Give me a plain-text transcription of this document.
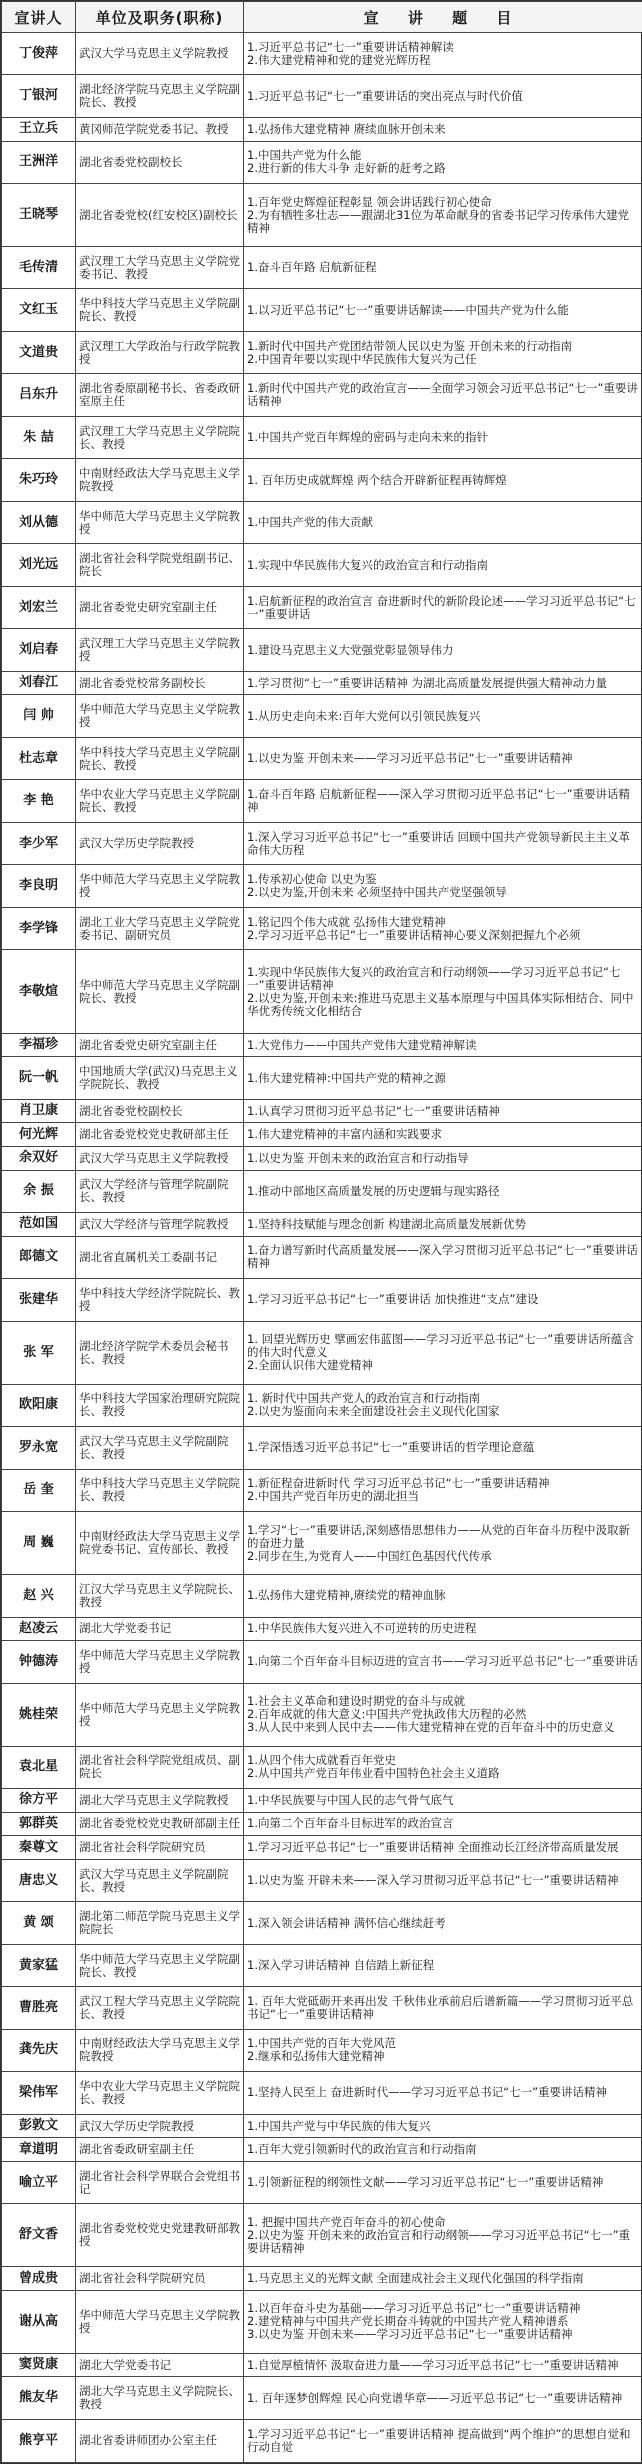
宣讲人	单位及职务(职称)	宣 讲 题 目
丁俊萍	武汉大学马克思主义学院教授	1.习近平总书记“七一”重要讲话精神解读
2.伟大建党精神和党的建党光辉历程

丁银河	湖北经济学院马克思主义学院副院长、教授	1.习近平总书记“七一”重要讲话的突出亮点与时代价值

王立兵	黄冈师范学院党委书记、教授	1.弘扬伟大建党精神 赓续血脉开创未来

王洲洋	湖北省委党校副校长	1.中国共产党为什么能
2.进行新的伟大斗争 走好新的赶考之路

王晓琴	湖北省委党校(红安校区)副校长	1.百年党史辉煌征程彰显 领会讲话践行初心使命
2.为有牺牲多壮志——跟湖北31位为革命献身的省委书记学习传承伟大建党精神

毛传清	武汉理工大学马克思主义学院党委书记、教授	1.奋斗百年路 启航新征程

文红玉	华中科技大学马克思主义学院副院长、教授	1.以习近平总书记“七一”重要讲话解读——中国共产党为什么能

文道贵	武汉理工大学政治与行政学院教授	1.新时代中国共产党团结带领人民以史为鉴 开创未来的行动指南
2.中国青年要以实现中华民族伟大复兴为己任

吕东升	湖北省委原副秘书长、省委政研室原主任	1.新时代中国共产党的政治宣言——全面学习领会习近平总书记“七一”重要讲话精神

朱 喆	武汉理工大学马克思主义学院院长、教授	1.中国共产党百年辉煌的密码与走向未来的指针

朱巧玲	中南财经政法大学马克思主义学院教授	1. 百年历史成就辉煌 两个结合开辟新征程再铸辉煌

刘从德	华中师范大学马克思主义学院教授	1.中国共产党的伟大贡献

刘光远	湖北省社会科学院党组副书记、院长	1.实现中华民族伟大复兴的政治宣言和行动指南

刘宏兰	湖北省委党史研究室副主任	1.启航新征程的政治宣言 奋进新时代的新阶段论述——学习习近平总书记“七一”重要讲话

刘启春	武汉理工大学马克思主义学院教授	1.建设马克思主义大党强党彰显领导伟力

刘春江	湖北省委党校常务副校长	1.学习贯彻“七一”重要讲话精神 为湖北高质量发展提供强大精神动力量

闫 帅	华中师范大学马克思主义学院教授	1.从历史走向未来:百年大党何以引领民族复兴

杜志章	华中科技大学马克思主义学院副院长、教授	1.以史为鉴 开创未来——学习习近平总书记“七一”重要讲话精神

李 艳	华中农业大学马克思主义学院副院长、教授	1.奋斗百年路 启航新征程——深入学习贯彻习近平总书记“七一”重要讲话精神

李少军	武汉大学历史学院教授	1.深入学习习近平总书记“七一”重要讲话 回顾中国共产党领导新民主主义革命伟大历程

李良明	华中师范大学马克思主义学院教授	1.传承初心使命 以史为鉴
2.以史为鉴,开创未来 必须坚持中国共产党坚强领导

李学锋	湖北工业大学马克思主义学院党委书记、副研究员	1.铭记四个伟大成就 弘扬伟大建党精神
2.学习习近平总书记“七一”重要讲话精神心要义深刻把握九个必须

李敬煊	华中师范大学马克思主义学院副院长、教授	1.实现中华民族伟大复兴的政治宣言和行动纲领——学习习近平总书记“七一”重要讲话精神
2.以史为鉴,开创未来:推进马克思主义基本原理与中国具体实际相结合、同中华优秀传统文化相结合

李福珍	湖北省委党史研究室副主任	1.大党伟力——中国共产党伟大建党精神解读

阮一帆	中国地质大学(武汉)马克思主义学院院长、教授	1.伟大建党精神:中国共产党的精神之源

肖卫康	湖北省委党校副校长	1.认真学习贯彻习近平总书记“七一”重要讲话精神

何光辉	湖北省委党校党史教研部主任	1.伟大建党精神的丰富内涵和实践要求

余双好	武汉大学马克思主义学院教授	1.以史为鉴 开创未来的政治宣言和行动指导

余 振	武汉大学经济与管理学院副院长、教授	1.推动中部地区高质量发展的历史逻辑与现实路径

范如国	武汉大学经济与管理学院教授	1.坚持科技赋能与理念创新 构建湖北高质量发展新优势

郎德文	湖北省直属机关工委副书记	1.奋力谱写新时代高质量发展——深入学习贯彻习近平总书记“七一”重要讲话精神

张建华	华中科技大学经济学院院长、教授	1.学习习近平总书记“七一”重要讲话 加快推进“支点”建设

张 军	湖北经济学院学术委员会秘书长、教授	1. 回望光辉历史 擘画宏伟蓝图——学习习近平总书记“七一”重要讲话所蕴含的伟大时代意义
2.全面认识伟大建党精神

欧阳康	华中科技大学国家治理研究院院长、教授	1. 新时代中国共产党人的政治宣言和行动指南
2.以史为鉴面向未来全面建设社会主义现代化国家

罗永宽	武汉大学马克思主义学院副院长、教授	1.学深悟透习近平总书记“七一”重要讲话的哲学理论意蕴

岳 奎	华中科技大学马克思主义学院院长、教授	1.新征程奋进新时代 学习习近平总书记“七一”重要讲话精神
2.中国共产党百年历史的湖北担当

周 巍	中南财经政法大学马克思主义学院党委书记、宣传部长、教授	1.学习“七一”重要讲话,深刻感悟思想伟力——从党的百年奋斗历程中汲取新的奋进力量
2.同步在生,为党育人——中国红色基因代代传承

赵 兴	江汉大学马克思主义学院院长、教授	1.弘扬伟大建党精神,赓续党的精神血脉

赵凌云	湖北大学党委书记	1.中华民族伟大复兴进入不可逆转的历史进程

钟德涛	华中师范大学马克思主义学院教授	1.向第二个百年奋斗目标迈进的宣言书——学习习近平总书记“七一”重要讲话

姚桂荣	华中师范大学马克思主义学院教授	1.社会主义革命和建设时期党的奋斗与成就
2.百年成就的伟大意义:中国共产党执政伟大历程的必然
3.从人民中来到人民中去——伟大建党精神在党的百年奋斗中的历史意义

袁北星	湖北省社会科学院党组成员、副院长	1.从四个伟大成就看百年党史
2.从中国共产党百年伟业看中国特色社会主义道路

徐方平	湖北大学马克思主义学院教授	1.中华民族要与中国人民的志气骨气底气

郭群英	湖北省委党校党史教研部副主任	1.向第二个百年奋斗目标进军的政治宣言

秦尊文	湖北省社会科学院研究员	1.学习习近平总书记“七一”重要讲话精神 全面推动长江经济带高质量发展

唐忠义	武汉大学马克思主义学院副院长、教授	1.以史为鉴 开辟未来——深入学习贯彻习近平总书记“七一”重要讲话精神

黄 颂	湖北第二师范学院马克思主义学院院长	1.深入领会讲话精神 满怀信心继续赶考

黄家猛	华中师范大学马克思主义学院副院长、教授	1.深入学习讲话精神 自信踏上新征程

曹胜亮	武汉工程大学马克思主义学院院长、教授	1. 百年大党砥砺开来再出发 千秋伟业承前启后谱新篇——学习贯彻习近平总书记“七一”重要讲话精神

龚先庆	中南财经政法大学马克思主义学院教授	1.中国共产党的百年大党风范
2.继承和弘扬伟大建党精神

梁伟军	华中农业大学马克思主义学院院长、教授	1.坚持人民至上 奋进新时代——学习习近平总书记“七一”重要讲话精神

彭敦文	武汉大学历史学院教授	1.中国共产党与中华民族的伟大复兴

章道明	湖北省委政研室副主任	1.百年大党引领新时代的政治宣言和行动指南

喻立平	湖北省社会科学界联合会党组书记	1.引领新征程的纲领性文献——学习习近平总书记“七一”重要讲话精神

舒文香	湖北省委党校党史党建教研部教授	1. 把握中国共产党百年奋斗的初心使命
2.以史为鉴 开创未来的政治宣言和行动纲领——学习习近平总书记“七一”重要讲话精神

曾成贵	湖北省社会科学院研究员	1.马克思主义的光辉文献 全面建成社会主义现代化强国的科学指南

谢从高	华中师范大学马克思主义学院教授	1.以百年奋斗史为基础——学习习近平总书记“七一”重要讲话精神
2.建党精神与中国共产党长期奋斗铸就的中国共产党人精神谱系
3.以史为鉴 开创未来——学习习近平总书记“七一”重要讲话精神

窦贤康	湖北大学党委书记	1.自觉厚植情怀 汲取奋进力量——学习习近平总书记“七一”重要讲话精神

熊友华	湖北大学马克思主义学院院长、教授	1. 百年逐梦创辉煌 民心向党谱华章——习近平总书记“七一”重要讲话精神

熊亨平	湖北省委讲师团办公室主任	1.学习习近平总书记“七一”重要讲话精神 提高做到“两个维护”的思想自觉和行动自觉
